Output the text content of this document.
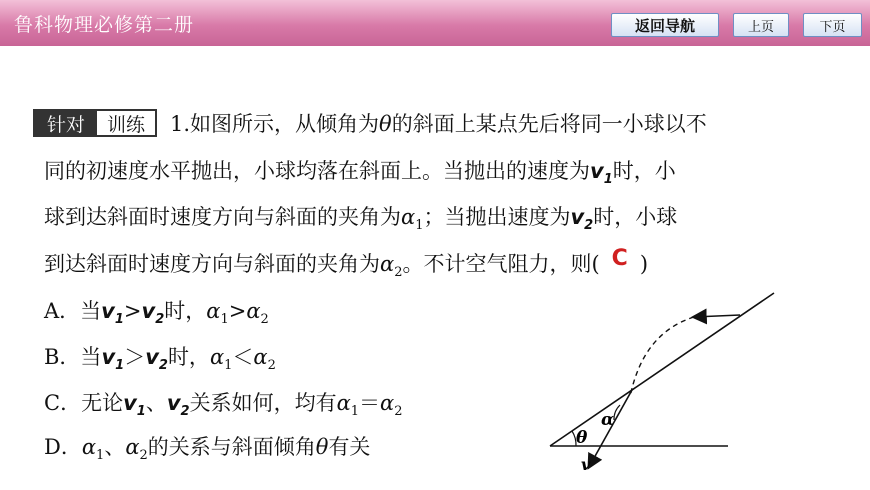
鲁科物理必修第二册	返回导航	上页	下页
针对	训练	1.如图所示，从倾角为θ的斜面上某点先后将同一小球以不
同的初速度水平抛出，小球均落在斜面上。当抛出的速度为$v_1$时，小
球到达斜面时速度方向与斜面的夹角为$\alpha_1$；当抛出速度为$v_2$时，小球
到达斜面时速度方向与斜面的夹角为$\alpha_2$。不计空气阻力，则( C )
A．当$v_1>v_2$时，$\alpha_1>\alpha_2$
B．当$v_1>v_2$时，$\alpha_1<\alpha_2$
C．无论$v_1$、$v_2$关系如何，均有$\alpha_1=\alpha_2$
D．$\alpha_1$、$\alpha_2$的关系与斜面倾角θ有关	θ
α
v
